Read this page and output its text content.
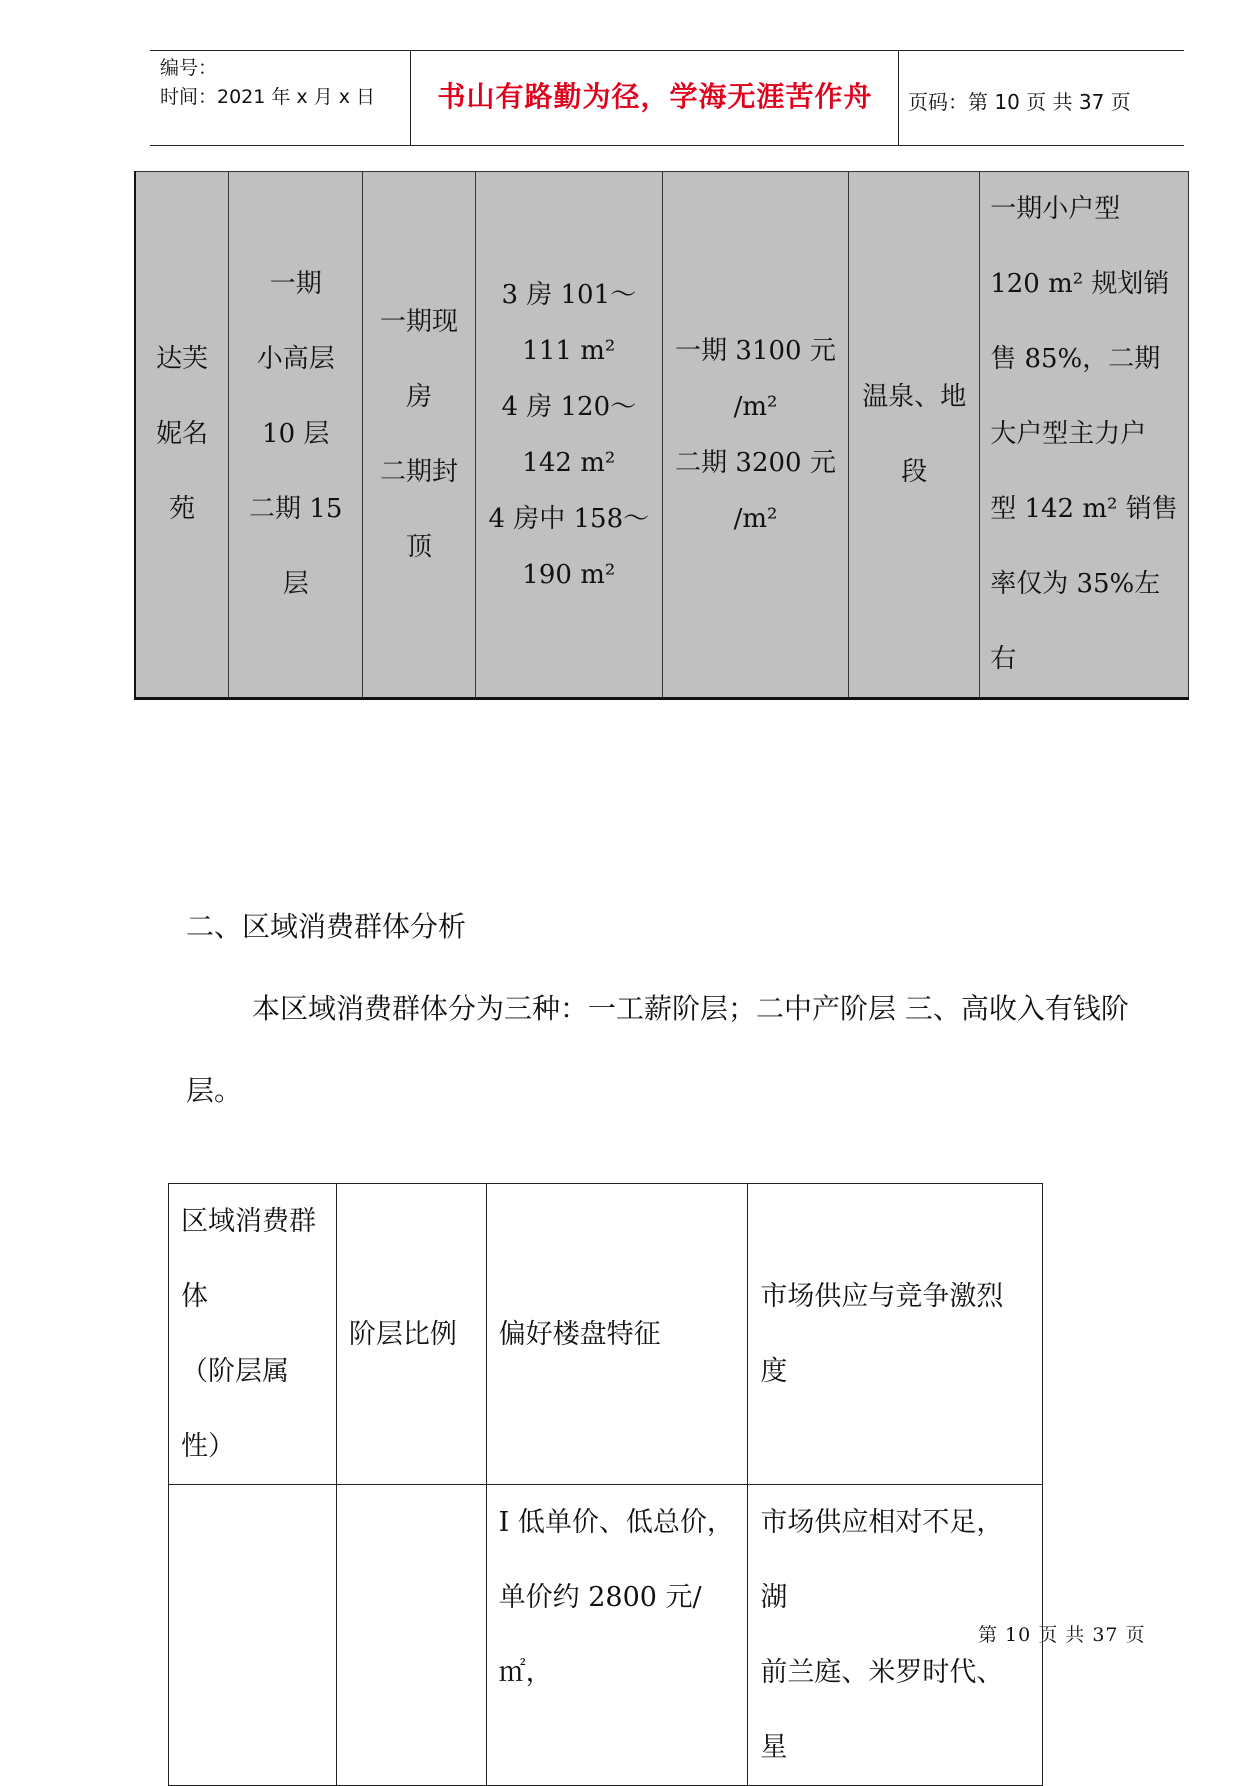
编号：
时间：2021 年 x 月 x 日	书山有路勤为径，学海无涯苦作舟	页码：第 10 页 共 37 页
达芙
妮名
苑	一期
小高层
10 层
二期 15
层	一期现
房
二期封
顶	3 房 101～
111 m²
4 房 120～
142 m²
4 房中 158～
190 m²	一期 3100 元
/m²
二期 3200 元
/m²	温泉、地
段	一期小户型
120 m² 规划销
售 85%，二期
大户型主力户
型 142 m² 销售
率仅为 35%左
右
二、区域消费群体分析
本区域消费群体分为三种：一工薪阶层；二中产阶层 三、高收入有钱阶层。
区域消费群
体
（阶层属性）	阶层比例	偏好楼盘特征	市场供应与竞争激烈
度
		I 低单价、低总价，
单价约 2800 元/㎡，	市场供应相对不足，湖
前兰庭、米罗时代、星
第 10 页 共 37 页
